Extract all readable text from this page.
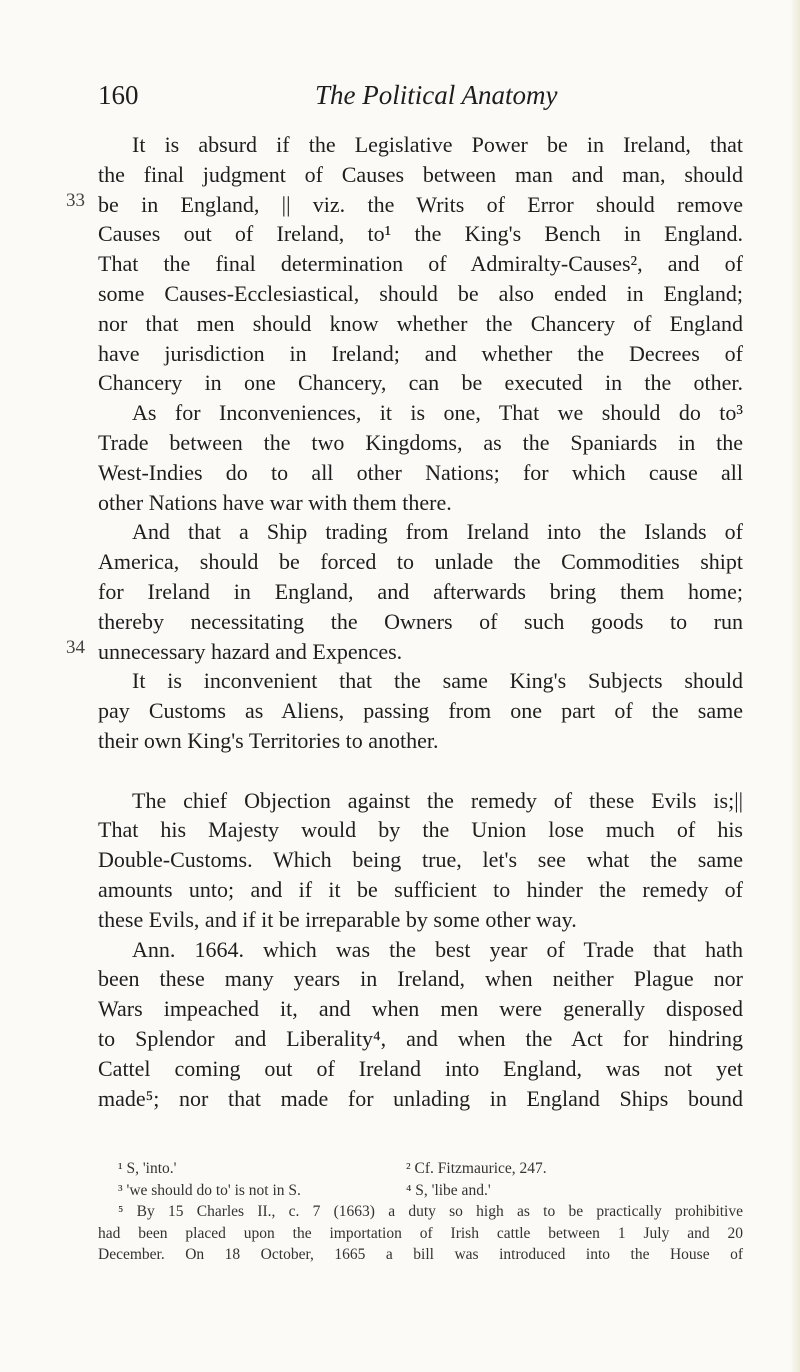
160	The Political Anatomy
33
34
It is absurd if the Legislative Power be in Ireland, that
the final judgment of Causes between man and man, should
be in England, || viz. the Writs of Error should remove
Causes out of Ireland, to¹ the King's Bench in England.
That the final determination of Admiralty-Causes², and of
some Causes-Ecclesiastical, should be also ended in England;
nor that men should know whether the Chancery of England
have jurisdiction in Ireland; and whether the Decrees of
Chancery in one Chancery, can be executed in the other.
As for Inconveniences, it is one, That we should do to³
Trade between the two Kingdoms, as the Spaniards in the
West-Indies do to all other Nations; for which cause all
other Nations have war with them there.
And that a Ship trading from Ireland into the Islands of
America, should be forced to unlade the Commodities shipt
for Ireland in England, and afterwards bring them home;
thereby necessitating the Owners of such goods to run
unnecessary hazard and Expences.
It is inconvenient that the same King's Subjects should
pay Customs as Aliens, passing from one part of the same
their own King's Territories to another.
The chief Objection against the remedy of these Evils is;||
That his Majesty would by the Union lose much of his
Double-Customs. Which being true, let's see what the same
amounts unto; and if it be sufficient to hinder the remedy of
these Evils, and if it be irreparable by some other way.
Ann. 1664. which was the best year of Trade that hath
been these many years in Ireland, when neither Plague nor
Wars impeached it, and when men were generally disposed
to Splendor and Liberality⁴, and when the Act for hindring
Cattel coming out of Ireland into England, was not yet
made⁵; nor that made for unlading in England Ships bound
¹ S, 'into.'	² Cf. Fitzmaurice, 247.
³ 'we should do to' is not in S.	⁴ S, 'libe and.'
⁵ By 15 Charles II., c. 7 (1663) a duty so high as to be practically prohibitive
had been placed upon the importation of Irish cattle between 1 July and 20
December. On 18 October, 1665 a bill was introduced into the House of
